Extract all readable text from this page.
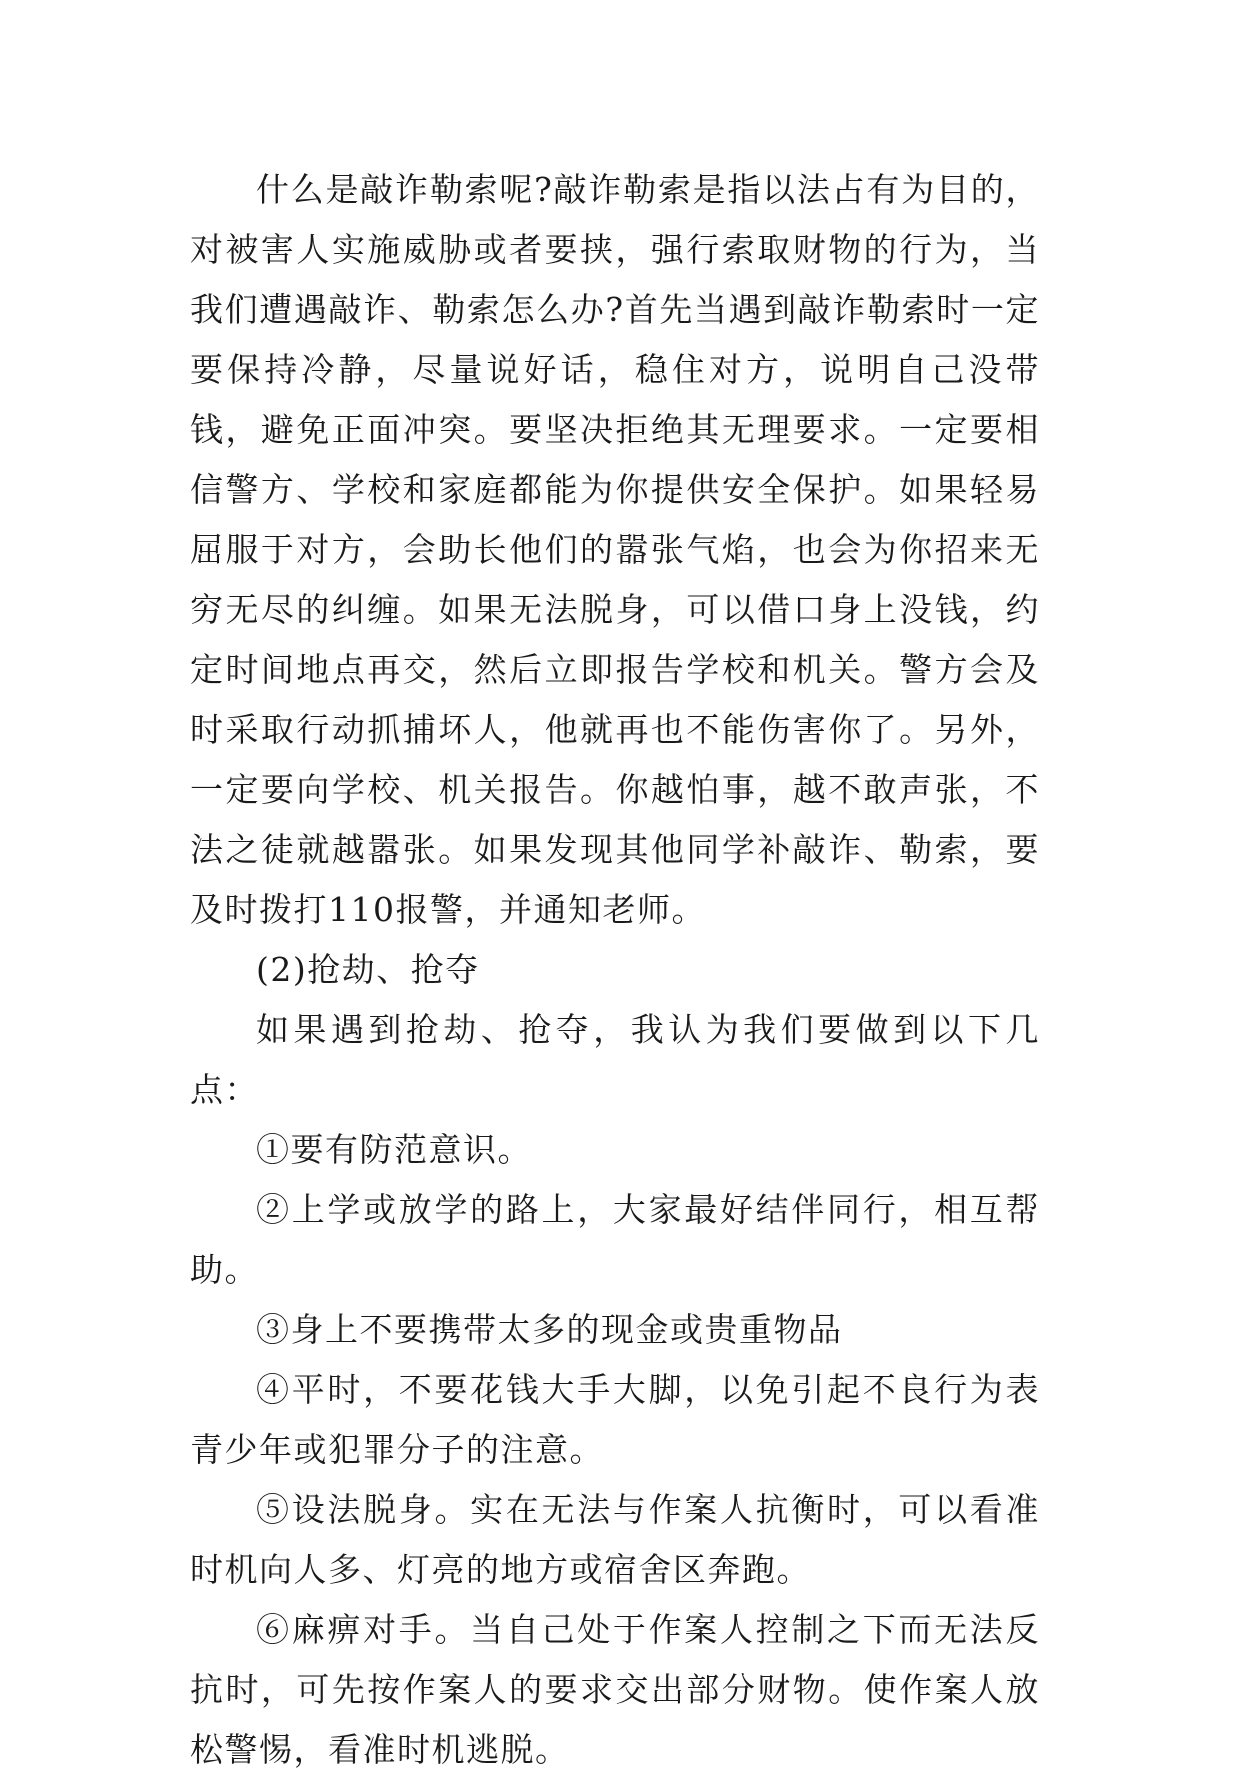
什么是敲诈勒索呢?敲诈勒索是指以法占有为目的，对被害人实施威胁或者要挟，强行索取财物的行为，当我们遭遇敲诈、勒索怎么办?首先当遇到敲诈勒索时一定要保持冷静，尽量说好话，稳住对方，说明自己没带钱，避免正面冲突。要坚决拒绝其无理要求。一定要相信警方、学校和家庭都能为你提供安全保护。如果轻易屈服于对方，会助长他们的嚣张气焰，也会为你招来无穷无尽的纠缠。如果无法脱身，可以借口身上没钱，约定时间地点再交，然后立即报告学校和机关。警方会及时采取行动抓捕坏人，他就再也不能伤害你了。另外，一定要向学校、机关报告。你越怕事，越不敢声张，不法之徒就越嚣张。如果发现其他同学补敲诈、勒索，要及时拨打110报警，并通知老师。

(2)抢劫、抢夺

如果遇到抢劫、抢夺，我认为我们要做到以下几点：

①要有防范意识。

②上学或放学的路上，大家最好结伴同行，相互帮助。

③身上不要携带太多的现金或贵重物品

④平时，不要花钱大手大脚，以免引起不良行为表青少年或犯罪分子的注意。

⑤设法脱身。实在无法与作案人抗衡时，可以看准时机向人多、灯亮的地方或宿舍区奔跑。

⑥麻痹对手。当自己处于作案人控制之下而无法反抗时，可先按作案人的要求交出部分财物。使作案人放松警惕，看准时机逃脱。
